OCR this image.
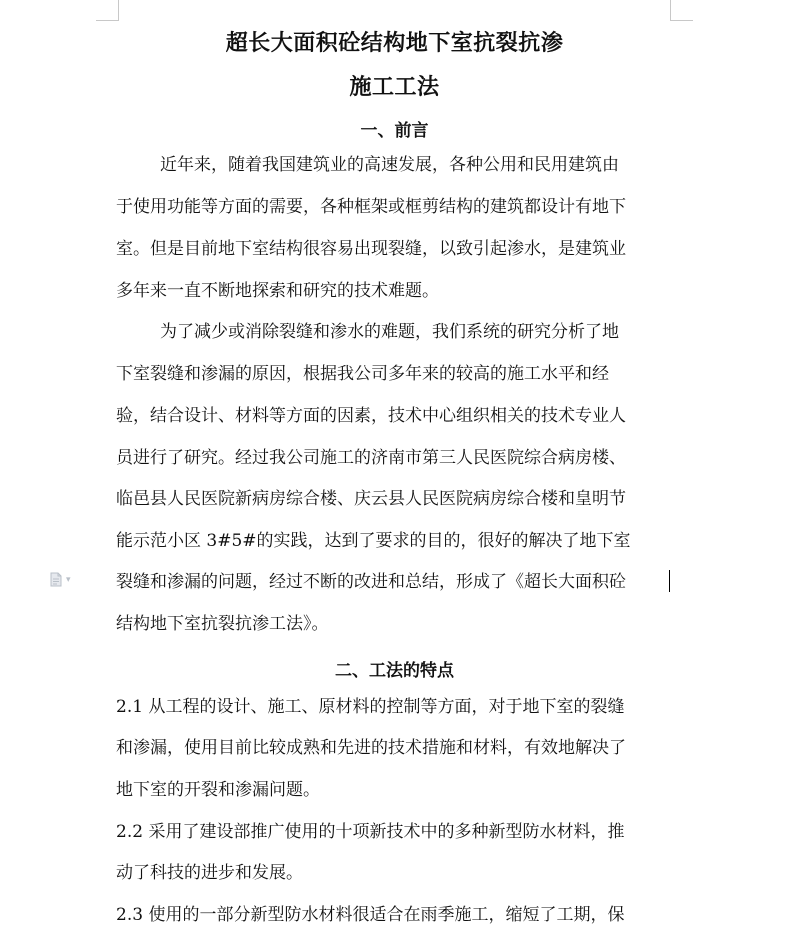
超长大面积砼结构地下室抗裂抗渗
施工工法
一、前言
近年来，随着我国建筑业的高速发展，各种公用和民用建筑由
于使用功能等方面的需要，各种框架或框剪结构的建筑都设计有地下
室。但是目前地下室结构很容易出现裂缝，以致引起渗水，是建筑业
多年来一直不断地探索和研究的技术难题。
为了减少或消除裂缝和渗水的难题，我们系统的研究分析了地
下室裂缝和渗漏的原因，根据我公司多年来的较高的施工水平和经
验，结合设计、材料等方面的因素，技术中心组织相关的技术专业人
员进行了研究。经过我公司施工的济南市第三人民医院综合病房楼、
临邑县人民医院新病房综合楼、庆云县人民医院病房综合楼和皇明节
能示范小区 3#5#的实践，达到了要求的目的，很好的解决了地下室
裂缝和渗漏的问题，经过不断的改进和总结，形成了《超长大面积砼
结构地下室抗裂抗渗工法》。
▾
二、工法的特点
2.1 从工程的设计、施工、原材料的控制等方面，对于地下室的裂缝
和渗漏，使用目前比较成熟和先进的技术措施和材料，有效地解决了
地下室的开裂和渗漏问题。
2.2 采用了建设部推广使用的十项新技术中的多种新型防水材料，推
动了科技的进步和发展。
2.3 使用的一部分新型防水材料很适合在雨季施工，缩短了工期，保
